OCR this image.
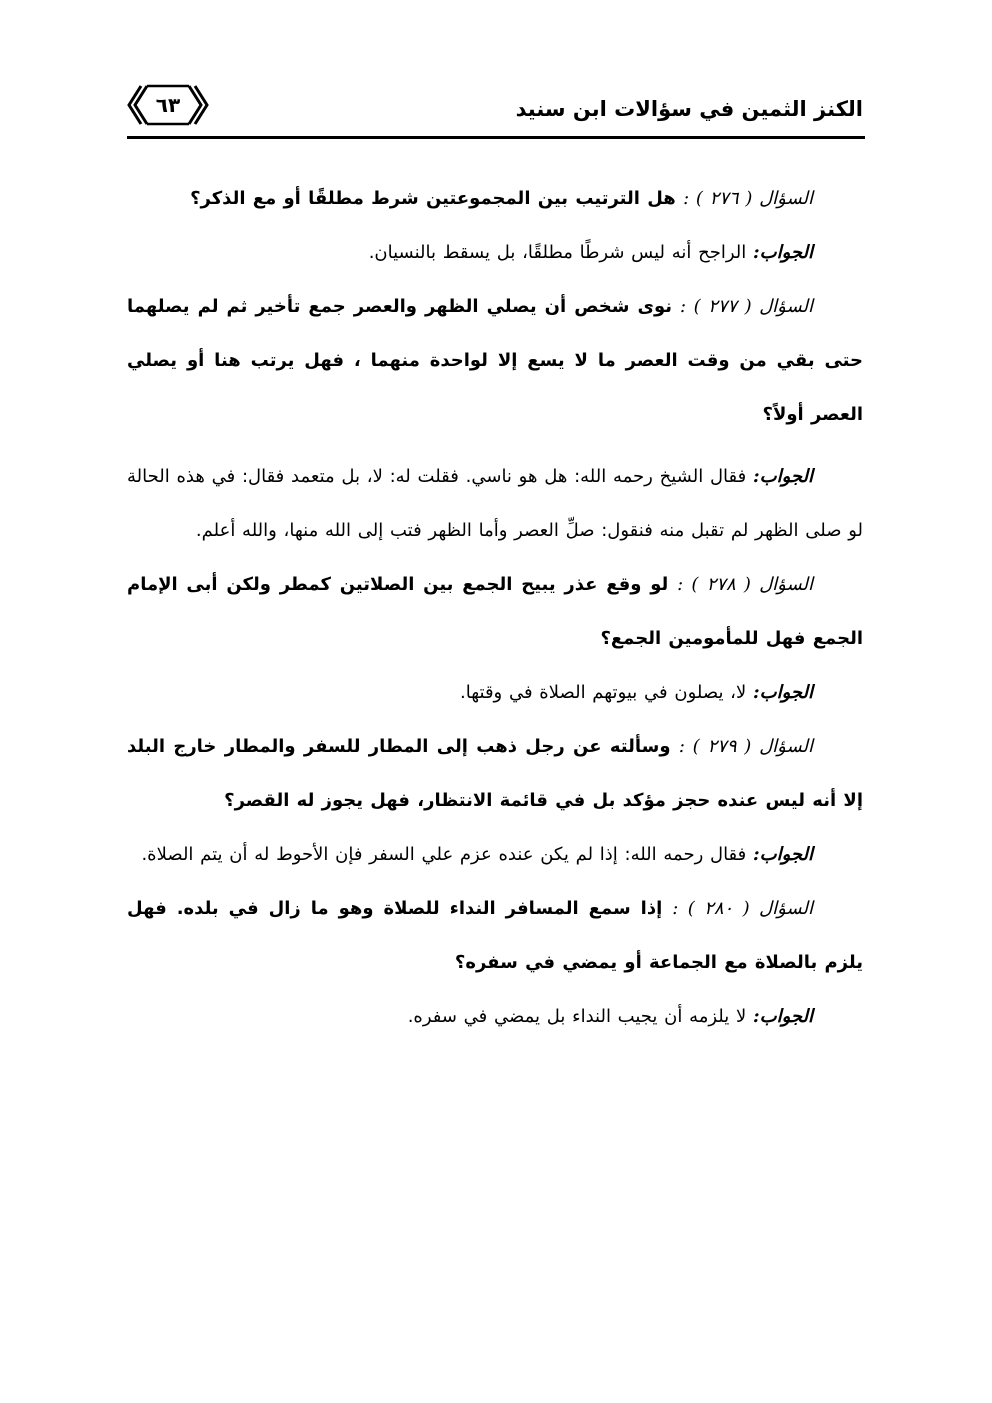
الكنز الثمين في سؤالات ابن سنيد
٦٣

السؤال ( ٢٧٦ ) : هل الترتيب بين المجموعتين شرط مطلقًا أو مع الذكر؟

الجواب: الراجح أنه ليس شرطًا مطلقًا، بل يسقط بالنسيان.

السؤال ( ٢٧٧ ) : نوى شخص أن يصلي الظهر والعصر جمع تأخير ثم لم يصلهما حتى بقي من وقت العصر ما لا يسع إلا لواحدة منهما ، فهل يرتب هنا أو يصلي العصر أولاً؟

الجواب: فقال الشيخ رحمه الله: هل هو ناسي. فقلت له: لا، بل متعمد فقال: في هذه الحالة لو صلى الظهر لم تقبل منه فنقول: صلِّ العصر وأما الظهر فتب إلى الله منها، والله أعلم.

السؤال ( ٢٧٨ ) : لو وقع عذر يبيح الجمع بين الصلاتين كمطر ولكن أبى الإمام الجمع فهل للمأمومين الجمع؟

الجواب: لا، يصلون في بيوتهم الصلاة في وقتها.

السؤال ( ٢٧٩ ) : وسألته عن رجل ذهب إلى المطار للسفر والمطار خارج البلد إلا أنه ليس عنده حجز مؤكد بل في قائمة الانتظار، فهل يجوز له القصر؟

الجواب: فقال رحمه الله: إذا لم يكن عنده عزم علي السفر فإن الأحوط له أن يتم الصلاة.

السؤال ( ٢٨٠ ) : إذا سمع المسافر النداء للصلاة وهو ما زال في بلده. فهل يلزم بالصلاة مع الجماعة أو يمضي في سفره؟

الجواب: لا يلزمه أن يجيب النداء بل يمضي في سفره.
